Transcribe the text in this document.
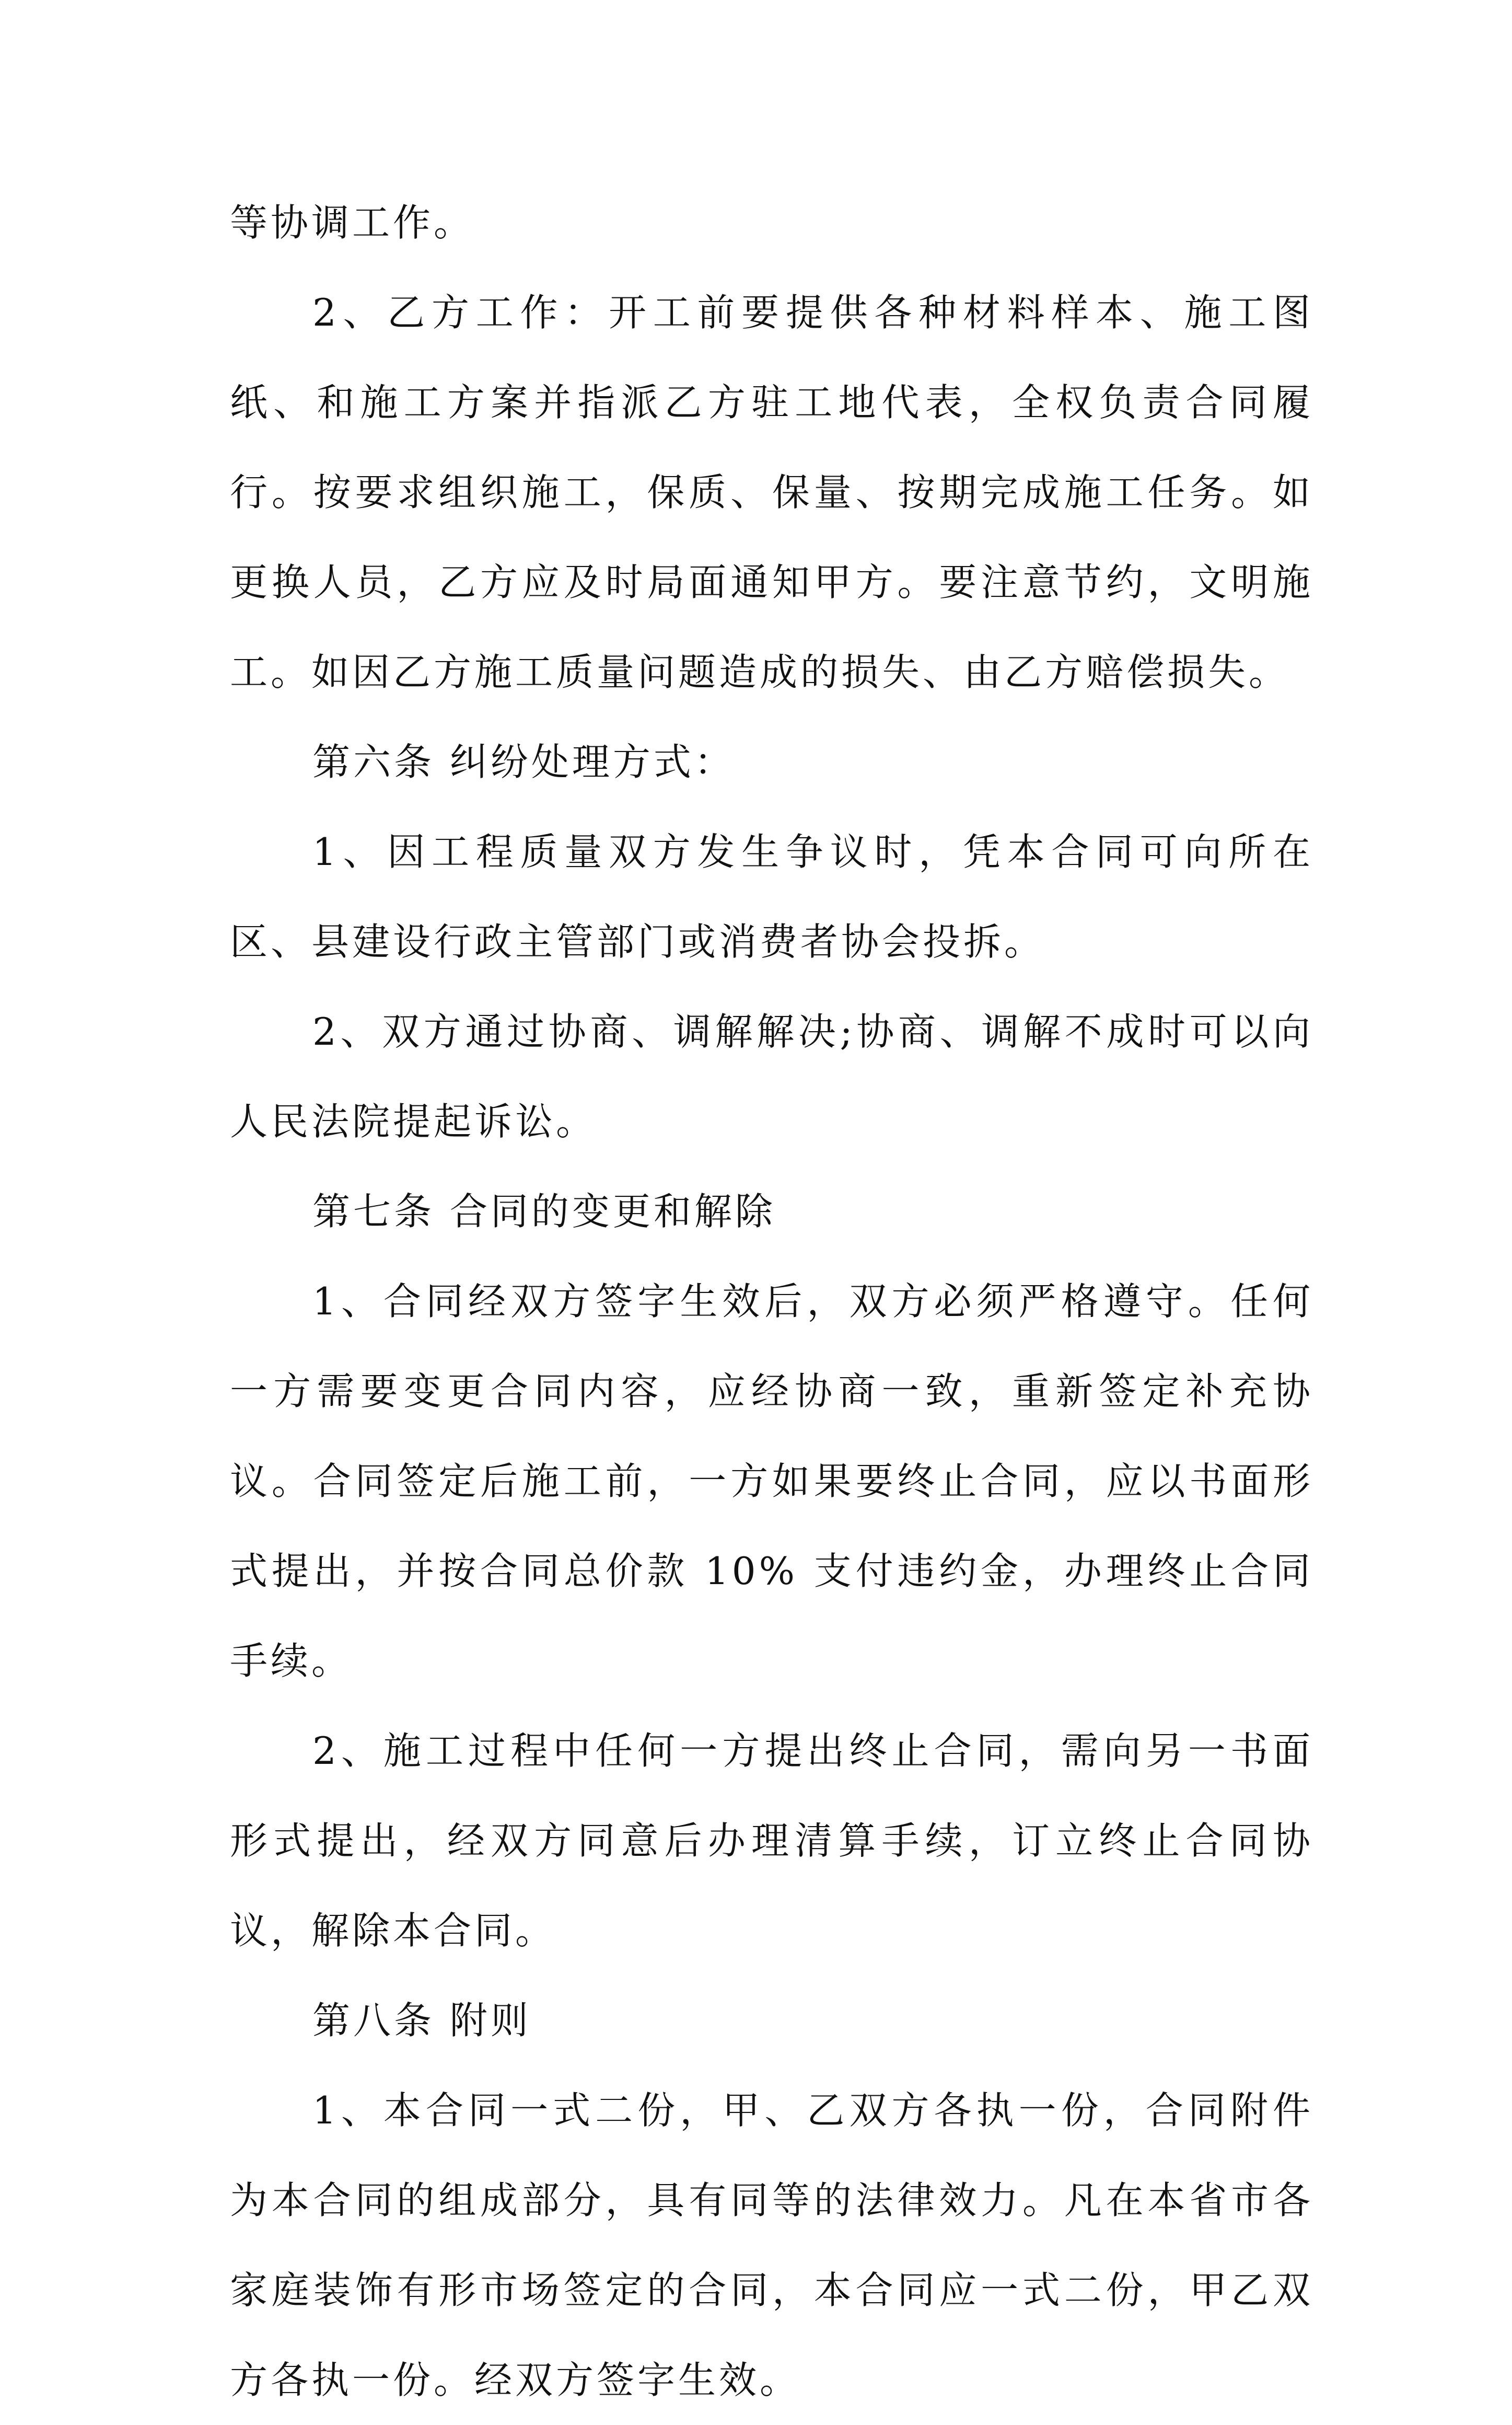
等协调工作。

2、乙方工作：开工前要提供各种材料样本、施工图纸、和施工方案并指派乙方驻工地代表，全权负责合同履行。按要求组织施工，保质、保量、按期完成施工任务。如更换人员，乙方应及时局面通知甲方。要注意节约，文明施工。如因乙方施工质量问题造成的损失、由乙方赔偿损失。

第六条 纠纷处理方式：

1、因工程质量双方发生争议时，凭本合同可向所在区、县建设行政主管部门或消费者协会投拆。

2、双方通过协商、调解解决;协商、调解不成时可以向人民法院提起诉讼。

第七条 合同的变更和解除

1、合同经双方签字生效后，双方必须严格遵守。任何一方需要变更合同内容，应经协商一致，重新签定补充协议。合同签定后施工前，一方如果要终止合同，应以书面形式提出，并按合同总价款 10% 支付违约金，办理终止合同手续。

2、施工过程中任何一方提出终止合同，需向另一书面形式提出，经双方同意后办理清算手续，订立终止合同协议，解除本合同。

第八条 附则

1、本合同一式二份，甲、乙双方各执一份，合同附件为本合同的组成部分，具有同等的法律效力。凡在本省市各家庭装饰有形市场签定的合同，本合同应一式二份，甲乙双方各执一份。经双方签字生效。
